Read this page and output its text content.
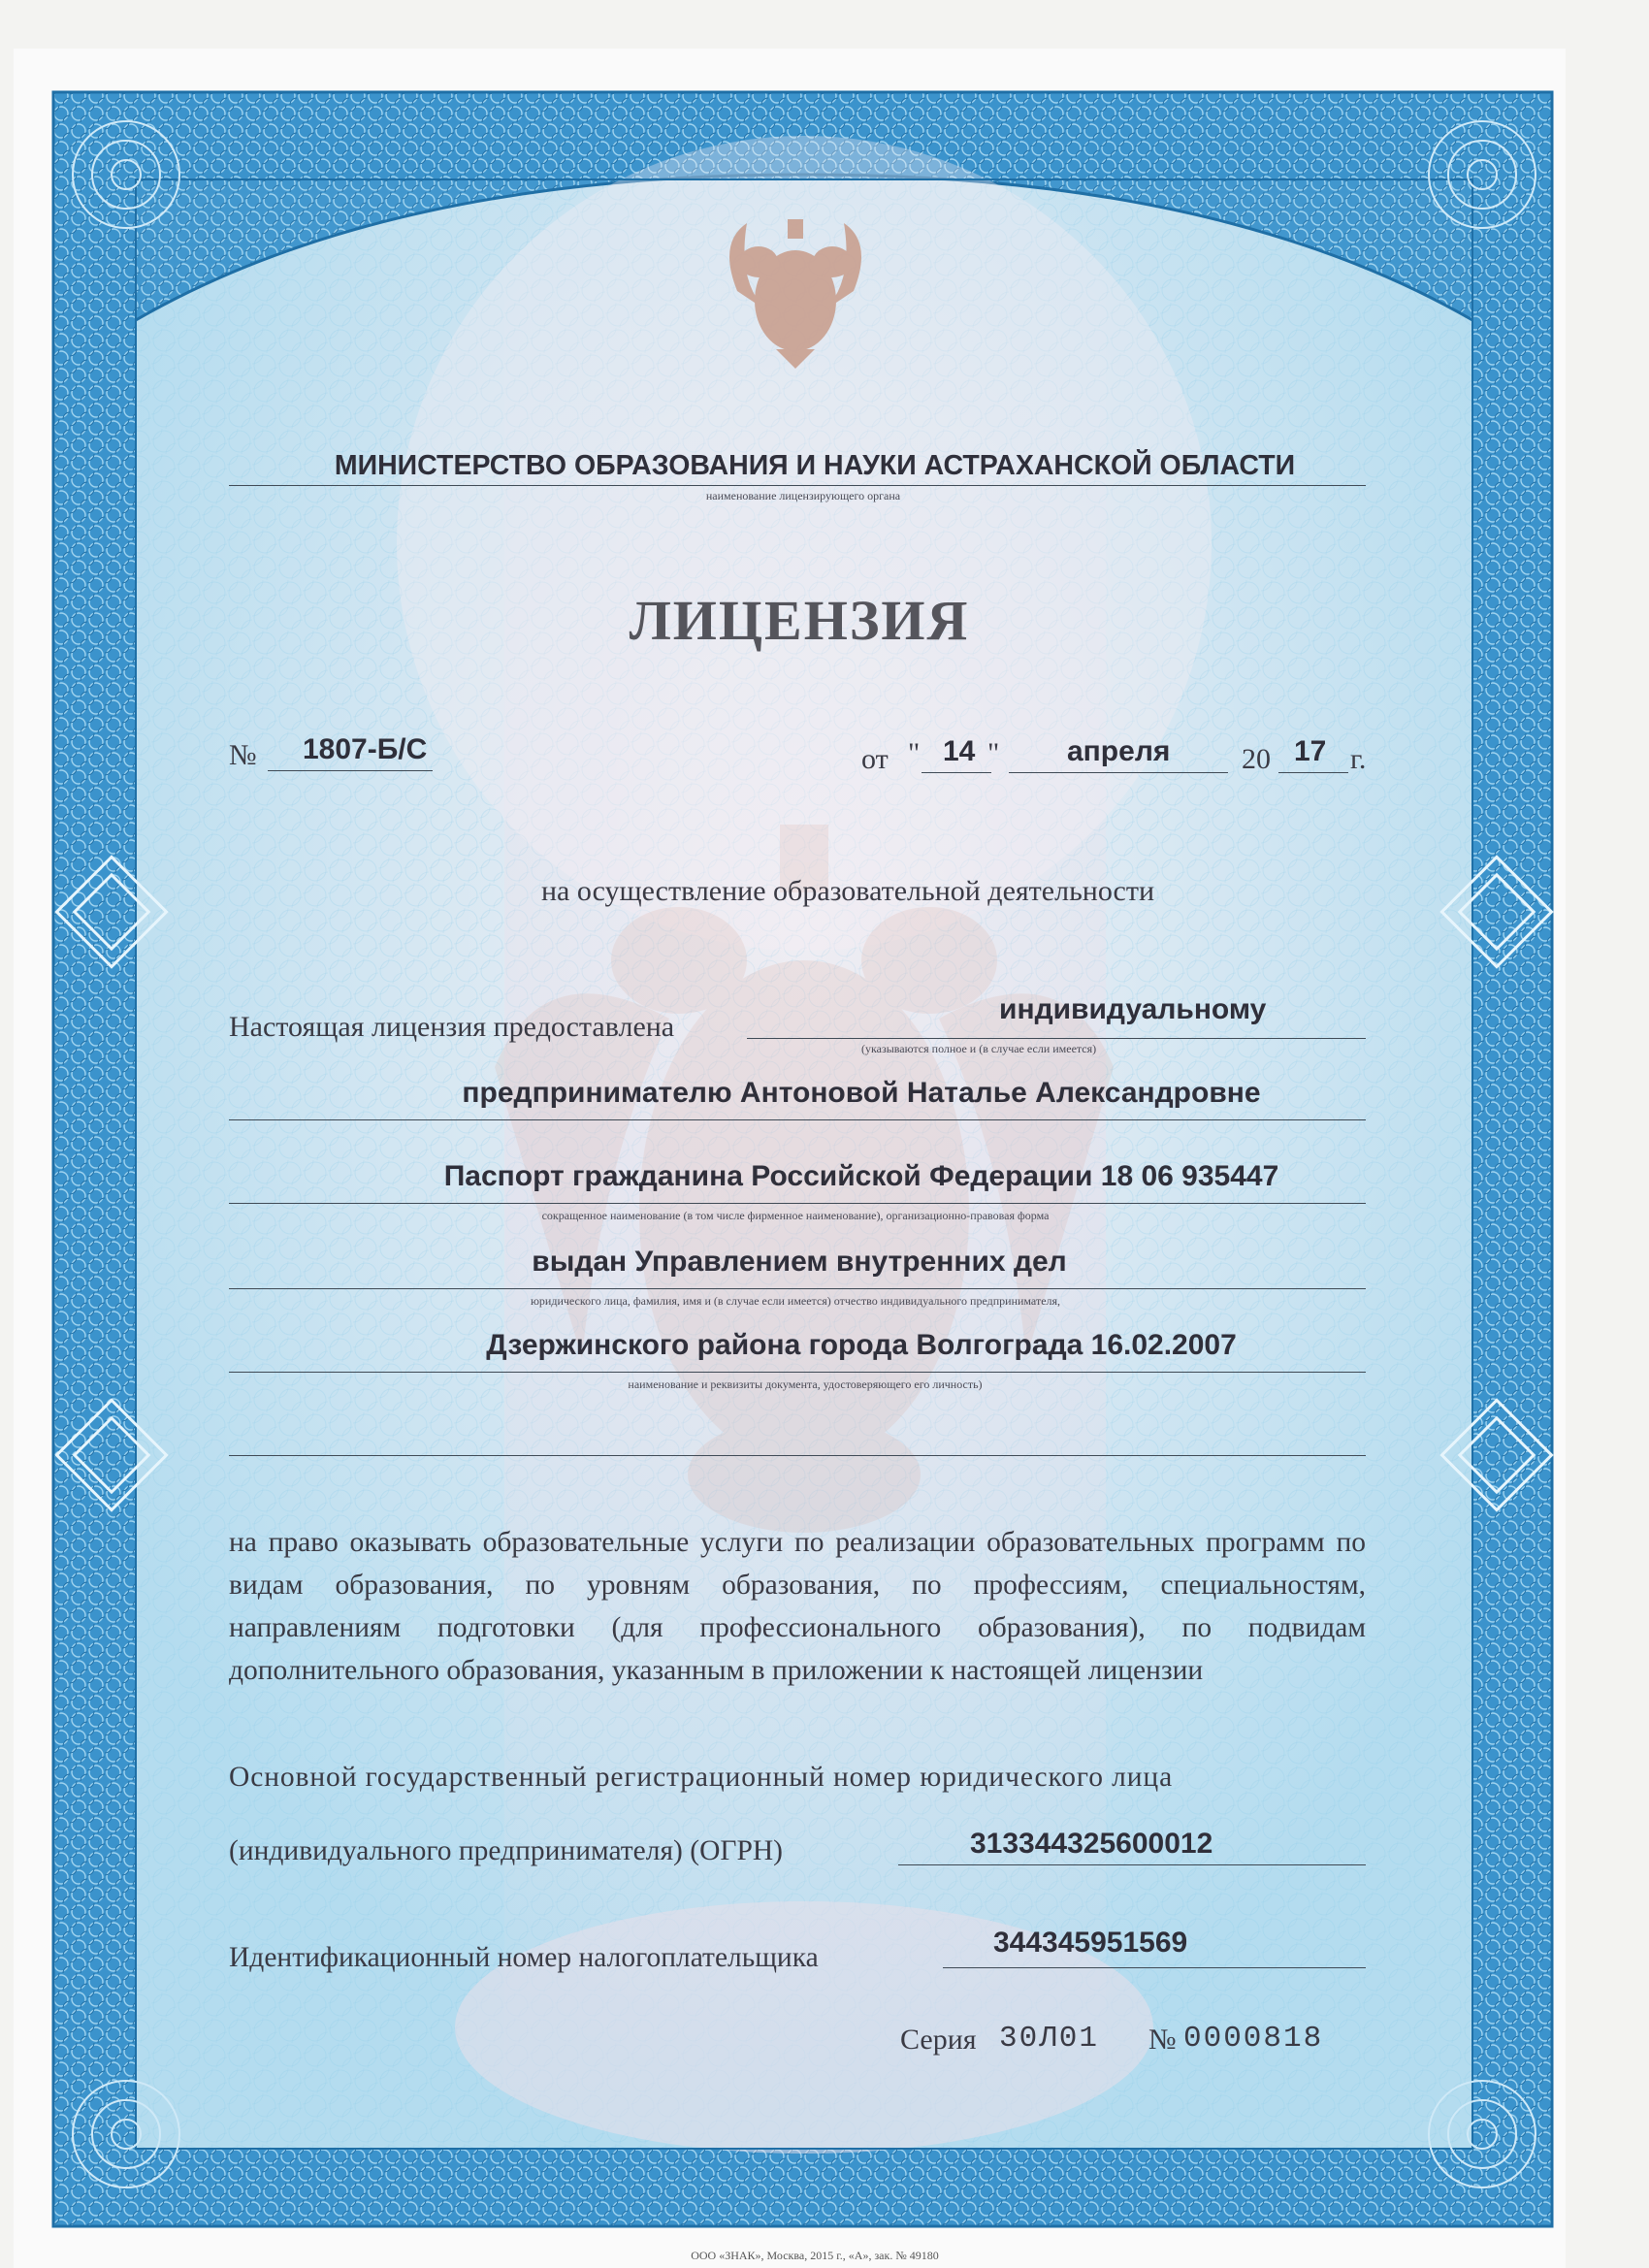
МИНИСТЕРСТВО ОБРАЗОВАНИЯ И НАУКИ АСТРАХАНСКОЙ ОБЛАСТИ
наименование лицензирующего органа
ЛИЦЕНЗИЯ
№ 1807-Б/С	от " 14 " апреля 20 17 г.
на осуществление образовательной деятельности
Настоящая лицензия предоставлена
индивидуальному
(указываются полное и (в случае если имеется)
предпринимателю Антоновой Наталье Александровне
Паспорт гражданина Российской Федерации 18 06 935447
сокращенное наименование (в том числе фирменное наименование), организационно-правовая форма
выдан Управлением внутренних дел
юридического лица, фамилия, имя и (в случае если имеется) отчество индивидуального предпринимателя,
Дзержинского района города Волгограда 16.02.2007
наименование и реквизиты документа, удостоверяющего его личность)
на право оказывать образовательные услуги по реализации образовательных программ по видам образования, по уровням образования, по профессиям, специальностям, направлениям подготовки (для профессионального образования), по подвидам дополнительного образования, указанным в приложении к настоящей лицензии
Основной государственный регистрационный номер юридического лица
(индивидуального предпринимателя) (ОГРН)	313344325600012
Идентификационный номер налогоплательщика	344345951569
Серия 30Л01 № 0000818
ООО «ЗНАК», Москва, 2015 г., «А», зак. № 49180
